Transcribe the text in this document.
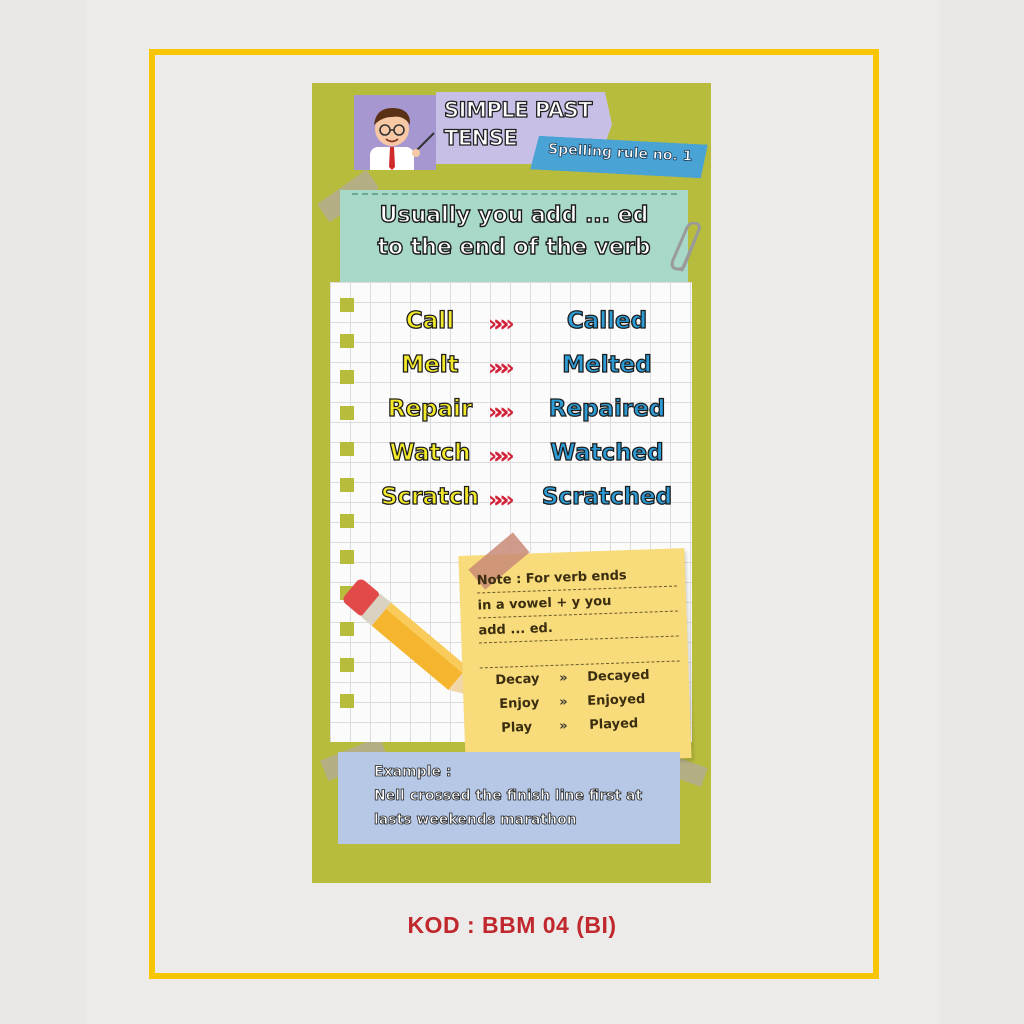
SIMPLE PAST
TENSE
Spelling rule no. 1
Usually you add ... ed
to the end of the verb
Call	»»»	Called
Melt	»»»	Melted
Repair »»»	Repaired
Watch »»»	Watched
Scratch »»»	Scratched
Note : For verb ends
in a vowel + y you
add ... ed.
Decay » Decayed
Enjoy » Enjoyed
Play » Played
Example :
Nell crossed the finish line first at
lasts weekends marathon
KOD : BBM 04 (BI)
